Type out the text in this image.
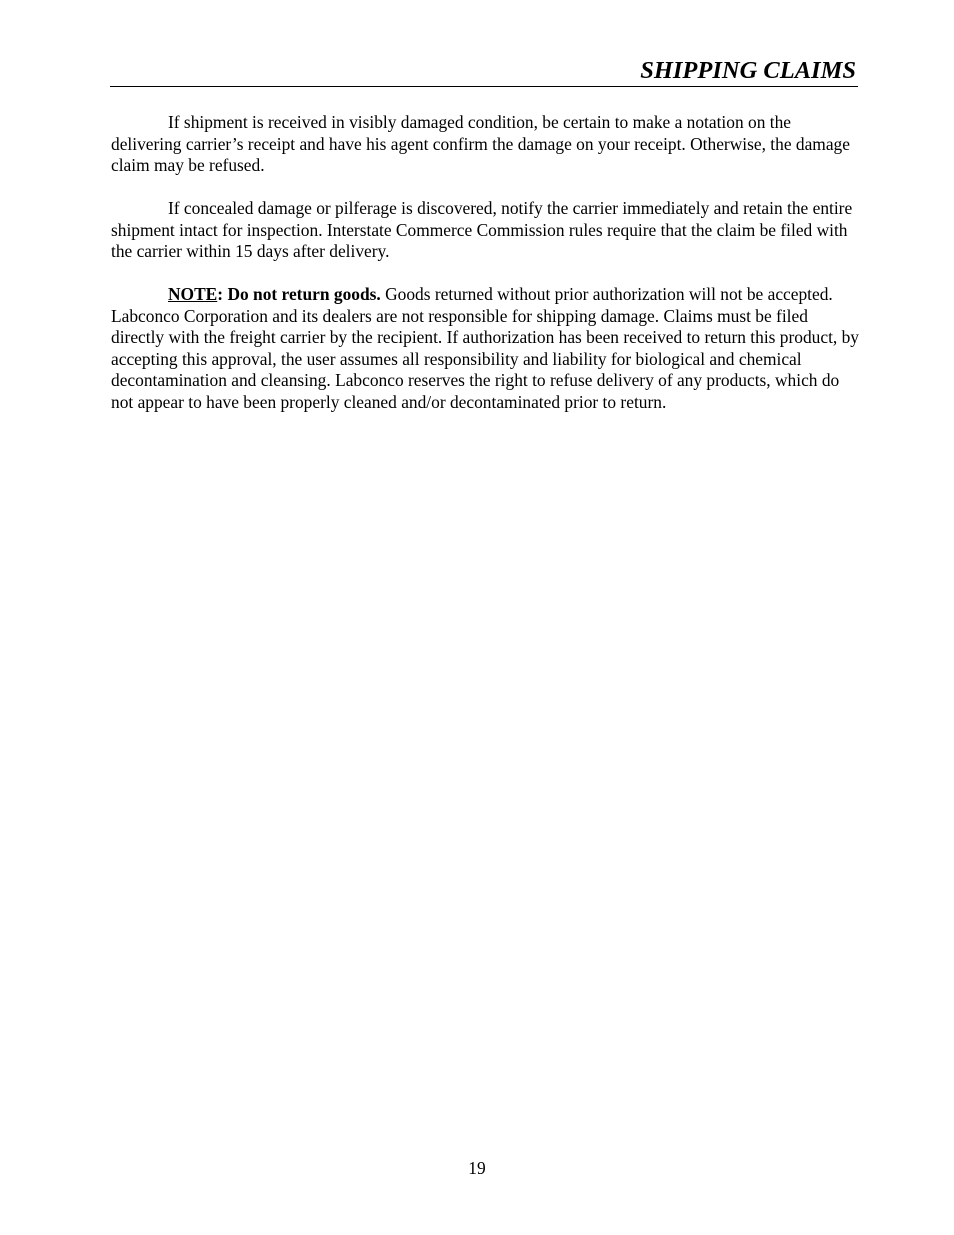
SHIPPING CLAIMS

If shipment is received in visibly damaged condition, be certain to make a notation on the delivering carrier’s receipt and have his agent confirm the damage on your receipt. Otherwise, the damage claim may be refused.

If concealed damage or pilferage is discovered, notify the carrier immediately and retain the entire shipment intact for inspection. Interstate Commerce Commission rules require that the claim be filed with the carrier within 15 days after delivery.

NOTE: Do not return goods. Goods returned without prior authorization will not be accepted. Labconco Corporation and its dealers are not responsible for shipping damage. Claims must be filed directly with the freight carrier by the recipient. If authorization has been received to return this product, by accepting this approval, the user assumes all responsibility and liability for biological and chemical decontamination and cleansing. Labconco reserves the right to refuse delivery of any products, which do not appear to have been properly cleaned and/or decontaminated prior to return.

19
